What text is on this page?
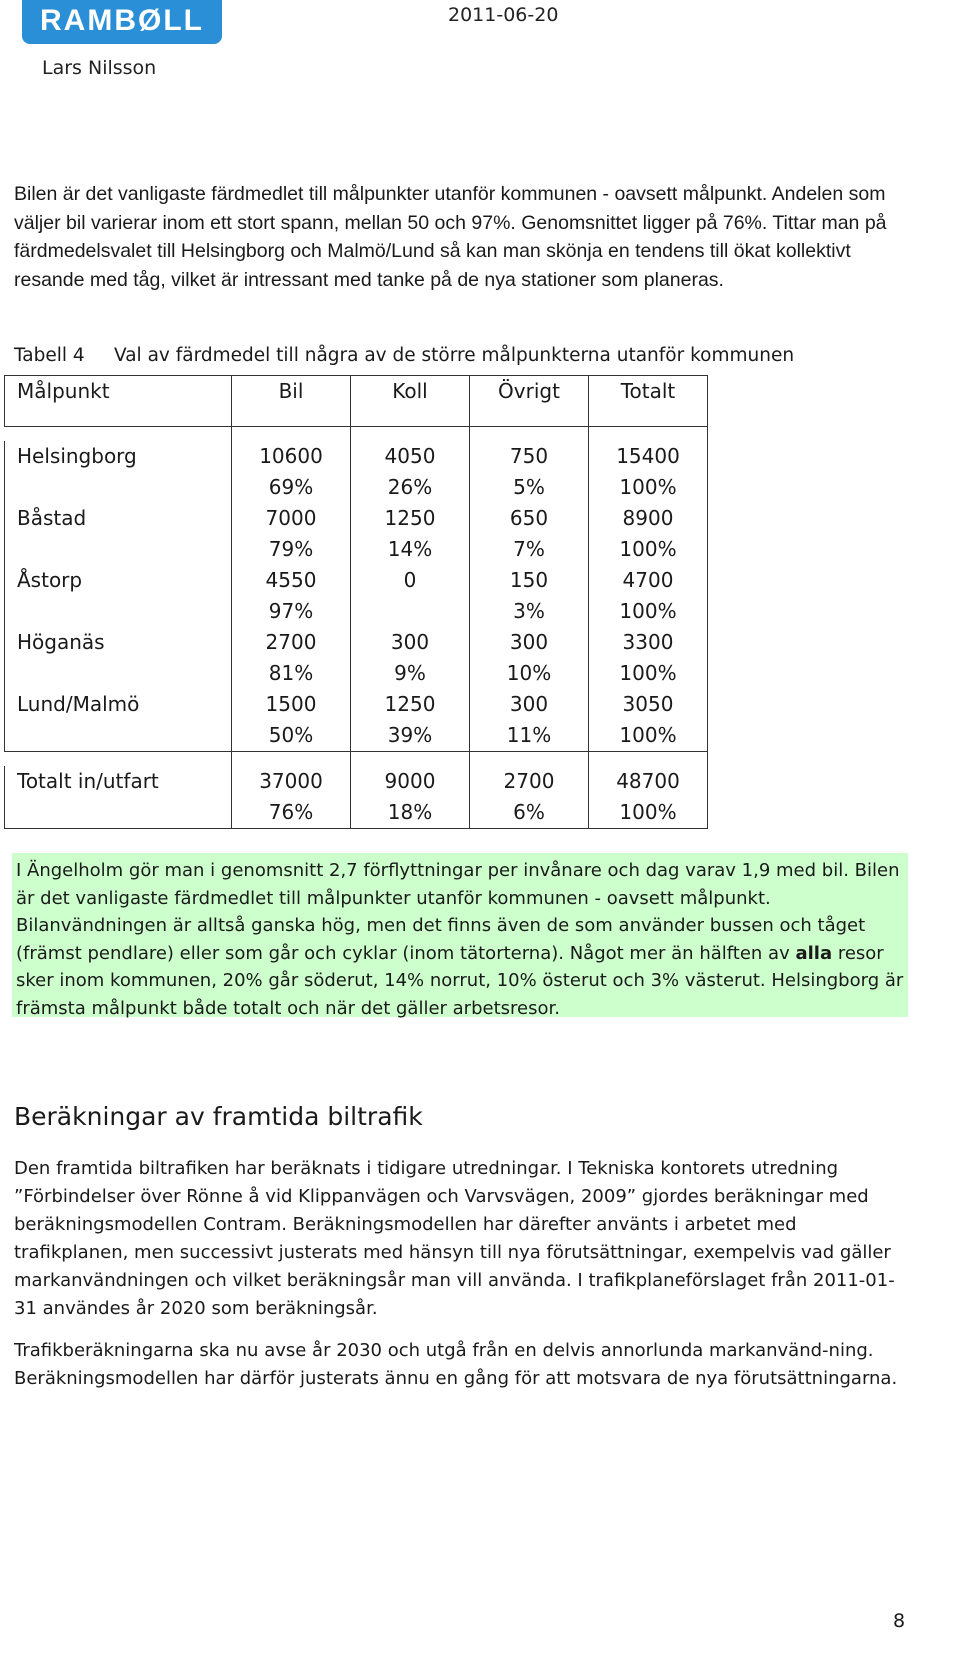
RAMBØLL	2011-06-20
Lars Nilsson

Bilen är det vanligaste färdmedlet till målpunkter utanför kommunen - oavsett målpunkt. Andelen som väljer bil varierar inom ett stort spann, mellan 50 och 97%. Genomsnittet ligger på 76%. Tittar man på färdmedelsvalet till Helsingborg och Malmö/Lund så kan man skönja en tendens till ökat kollektivt resande med tåg, vilket är intressant med tanke på de nya stationer som planeras.

Tabell 4 Val av färdmedel till några av de större målpunkterna utanför kommunen
Målpunkt	Bil	Koll	Övrigt	Totalt

Helsingborg	10600	4050	750	15400
	69%	26%	5%	100%
Båstad	7000	1250	650	8900
	79%	14%	7%	100%
Åstorp	4550	0	150	4700
	97%		3%	100%
Höganäs	2700	300	300	3300
	81%	9%	10%	100%
Lund/Malmö	1500	1250	300	3050
	50%	39%	11%	100%

Totalt in/utfart	37000	9000	2700	48700
	76%	18%	6%	100%

I Ängelholm gör man i genomsnitt 2,7 förflyttningar per invånare och dag varav 1,9 med bil. Bilen är det vanligaste färdmedlet till målpunkter utanför kommunen - oavsett målpunkt. Bilanvändningen är alltså ganska hög, men det finns även de som använder bussen och tåget (främst pendlare) eller som går och cyklar (inom tätorterna). Något mer än hälften av alla resor sker inom kommunen, 20% går söderut, 14% norrut, 10% österut och 3% västerut. Helsingborg är främsta målpunkt både totalt och när det gäller arbetsresor.

Beräkningar av framtida biltrafik

Den framtida biltrafiken har beräknats i tidigare utredningar. I Tekniska kontorets utredning ”Förbindelser över Rönne å vid Klippanvägen och Varvsvägen, 2009” gjordes beräkningar med beräkningsmodellen Contram. Beräkningsmodellen har därefter använts i arbetet med trafikplanen, men successivt justerats med hänsyn till nya förutsättningar, exempelvis vad gäller markanvändningen och vilket beräkningsår man vill använda. I trafikplaneförslaget från 2011-01-31 användes år 2020 som beräkningsår.

Trafikberäkningarna ska nu avse år 2030 och utgå från en delvis annorlunda markanvänd-ning. Beräkningsmodellen har därför justerats ännu en gång för att motsvara de nya förutsättningarna.

8
